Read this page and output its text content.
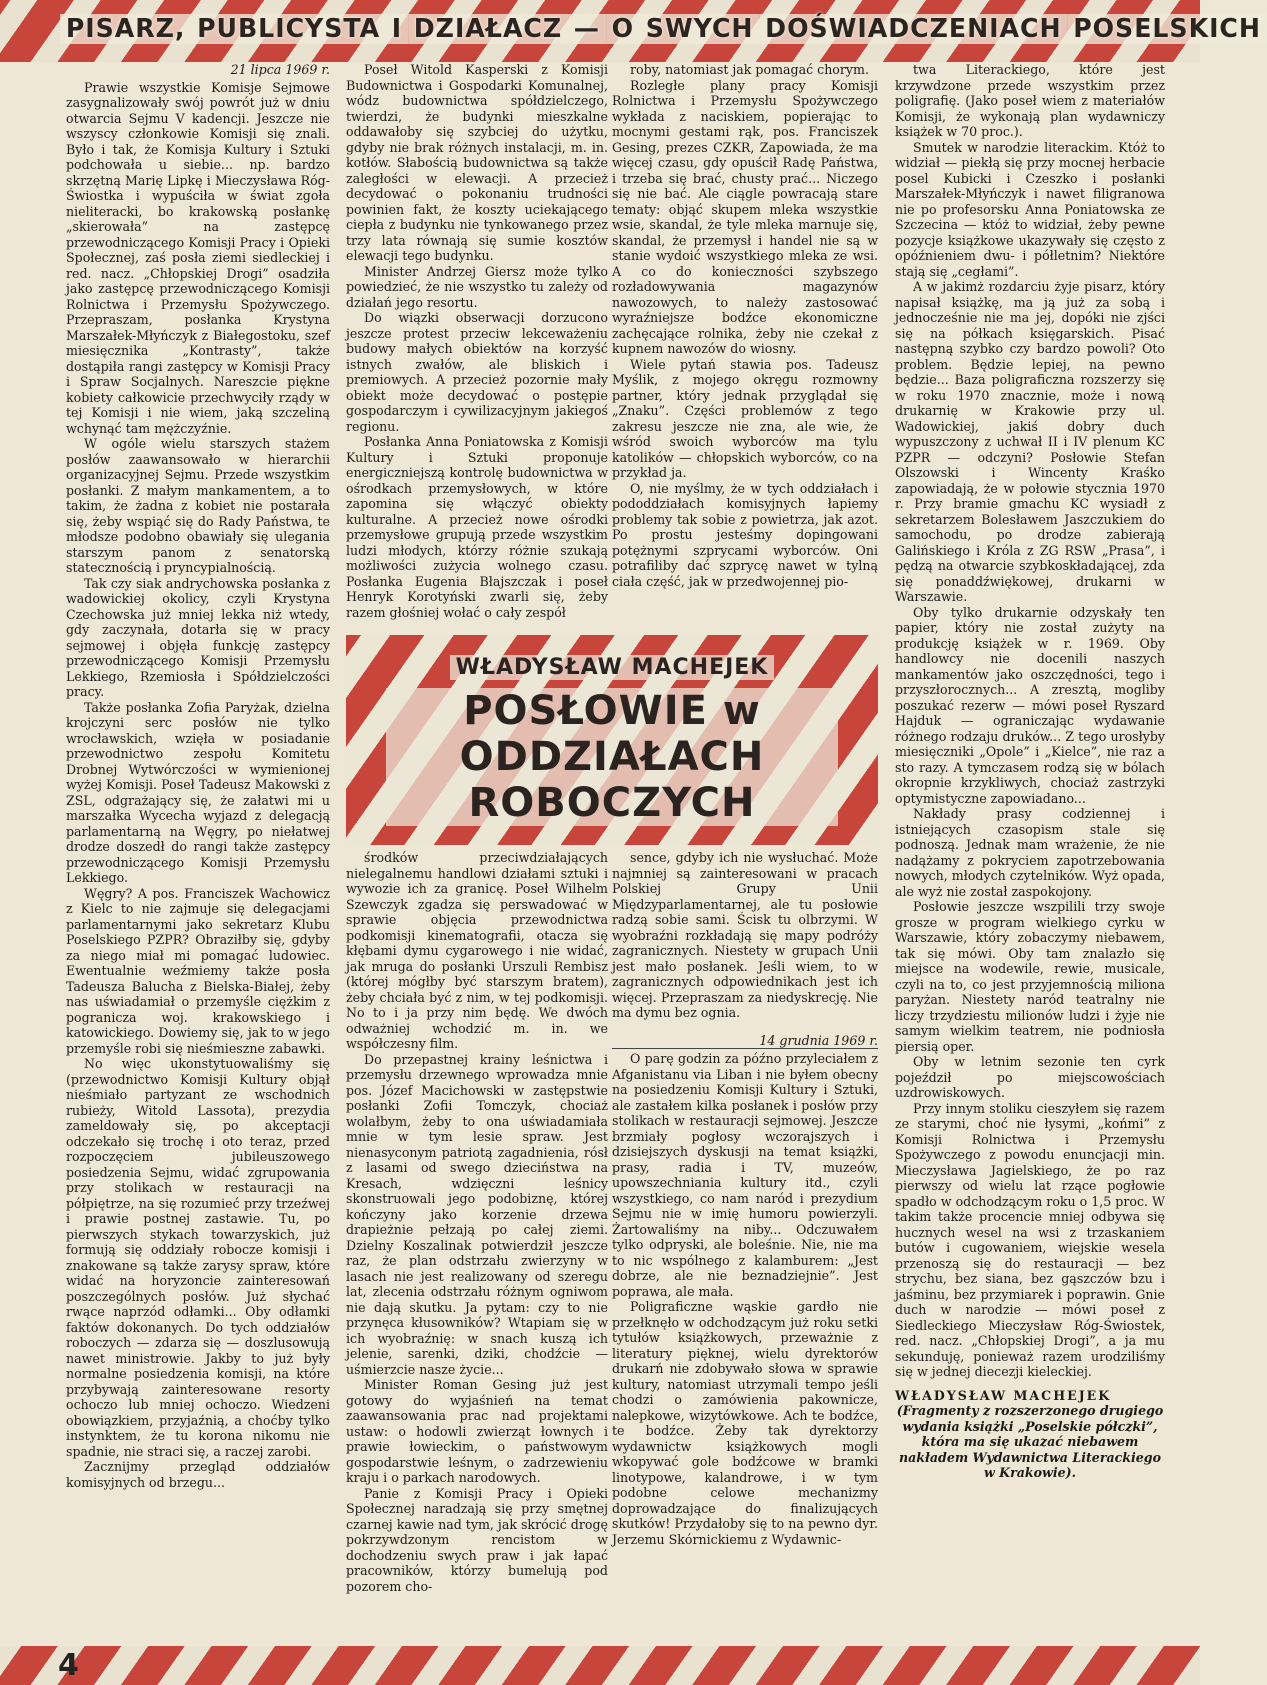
PISARZ, PUBLICYSTA I DZIAŁACZ — O SWYCH DOŚWIADCZENIACH POSELSKICH
21 lipca 1969 r.

Prawie wszystkie Komisje Sejmowe zasygnalizowały swój powrót już w dniu otwarcia Sejmu V kadencji. Jeszcze nie wszyscy członkowie Komisji się znali. Było i tak, że Komisja Kultury i Sztuki podchowała u siebie... np. bardzo skrzętną Marię Lipkę i Mieczysława Róg-Świostka i wypuściła w świat zgoła nieliteracki, bo krakowską posłankę „skierowała” na zastępcę przewodniczącego Komisji Pracy i Opieki Społecznej, zaś posła ziemi siedleckiej i red. nacz. „Chłopskiej Drogi” osadziła jako zastępcę przewodniczącego Komisji Rolnictwa i Przemysłu Spożywczego. Przepraszam, posłanka Krystyna Marszałek-Młyńczyk z Białegostoku, szef miesięcznika „Kontrasty”, także dostąpiła rangi zastępcy w Komisji Pracy i Spraw Socjalnych. Nareszcie piękne kobiety całkowicie przechwyciły rządy w tej Komisji i nie wiem, jaką szczeliną wchynąć tam mężczyźnie.

W ogóle wielu starszych stażem posłów zaawansowało w hierarchii organizacyjnej Sejmu. Przede wszystkim posłanki. Z małym mankamentem, a to takim, że żadna z kobiet nie postarała się, żeby wspiąć się do Rady Państwa, te młodsze podobno obawiały się ulegania starszym panom z senatorską statecznością i pryncypialnością.

Tak czy siak andrychowska posłanka z wadowickiej okolicy, czyli Krystyna Czechowska już mniej lekka niż wtedy, gdy zaczynała, dotarła się w pracy sejmowej i objęła funkcję zastępcy przewodniczącego Komisji Przemysłu Lekkiego, Rzemiosła i Spółdzielczości pracy.

Także posłanka Zofia Paryżak, dzielna krojczyni serc posłów nie tylko wrocławskich, wzięła w posiadanie przewodnictwo zespołu Komitetu Drobnej Wytwórczości w wymienionej wyżej Komisji. Poseł Tadeusz Makowski z ZSL, odgrażający się, że załatwi mi u marszałka Wycecha wyjazd z delegacją parlamentarną na Węgry, po niełatwej drodze doszedł do rangi także zastępcy przewodniczącego Komisji Przemysłu Lekkiego.

Węgry? A pos. Franciszek Wachowicz z Kielc to nie zajmuje się delegacjami parlamentarnymi jako sekretarz Klubu Poselskiego PZPR? Obraziłby się, gdyby za niego miał mi pomagać ludowiec. Ewentualnie weźmiemy także posła Tadeusza Balucha z Bielska-Białej, żeby nas uświadamiał o przemyśle ciężkim z pogranicza woj. krakowskiego i katowickiego. Dowiemy się, jak to w jego przemyśle robi się nieśmieszne zabawki.

No więc ukonstytuowaliśmy się (przewodnictwo Komisji Kultury objął nieśmiało partyzant ze wschodnich rubieży, Witold Lassota), prezydia zameldowały się, po akceptacji odczekało się trochę i oto teraz, przed rozpoczęciem jubileuszowego posiedzenia Sejmu, widać zgrupowania przy stolikach w restauracji na półpiętrze, na się rozumieć przy trzeźwej i prawie postnej zastawie. Tu, po pierwszych stykach towarzyskich, już formują się oddziały robocze komisji i znakowane są także zarysy spraw, które widać na horyzoncie zainteresowań poszczególnych posłów. Już słychać rwące naprzód odłamki... Oby odłamki faktów dokonanych. Do tych oddziałów roboczych — zdarza się — doszlusowują nawet ministrowie. Jakby to już były normalne posiedzenia komisji, na które przybywają zainteresowane resorty ochoczo lub mniej ochoczo. Wiedzeni obowiązkiem, przyjaźnią, a choćby tylko instynktem, że tu korona nikomu nie spadnie, nie straci się, a raczej zarobi.

Zacznijmy przegląd oddziałów komisyjnych od brzegu...

Poseł Witold Kasperski z Komisji Budownictwa i Gospodarki Komunalnej, wódz budownictwa spółdzielczego, twierdzi, że budynki mieszkalne oddawałoby się szybciej do użytku, gdyby nie brak różnych instalacji, m. in. kotłów. Słabością budownictwa są także zaległości w elewacji. A przecież decydować o pokonaniu trudności powinien fakt, że koszty uciekającego ciepła z budynku nie tynkowanego przez trzy lata równają się sumie kosztów elewacji tego budynku.

Minister Andrzej Giersz może tylko powiedzieć, że nie wszystko tu zależy od działań jego resortu.

Do wiązki obserwacji dorzucono jeszcze protest przeciw lekceważeniu budowy małych obiektów na korzyść istnych zwałów, ale bliskich i premiowych. A przecież pozornie mały obiekt może decydować o postępie gospodarczym i cywilizacyjnym jakiegoś regionu.

Posłanka Anna Poniatowska z Komisji Kultury i Sztuki proponuje energiczniejszą kontrolę budownictwa w ośrodkach przemysłowych, w które zapomina się włączyć obiekty kulturalne. A przecież nowe ośrodki przemysłowe grupują przede wszystkim ludzi młodych, którzy różnie szukają możliwości zużycia wolnego czasu. Posłanka Eugenia Błajszczak i poseł Henryk Korotyński zwarli się, żeby razem głośniej wołać o cały zespół

roby, natomiast jak pomagać chorym.

Rozległe plany pracy Komisji Rolnictwa i Przemysłu Spożywczego wykłada z naciskiem, popierając to mocnymi gestami rąk, pos. Franciszek Gesing, prezes CZKR, Zapowiada, że ma więcej czasu, gdy opuścił Radę Państwa, i trzeba się brać, chusty prać... Niczego się nie bać. Ale ciągle powracają stare tematy: objąć skupem mleka wszystkie wsie, skandal, że tyle mleka marnuje się, skandal, że przemysł i handel nie są w stanie wydoić wszystkiego mleka ze wsi. A co do konieczności szybszego rozładowywania magazynów nawozowych, to należy zastosować wyraźniejsze bodźce ekonomiczne zachęcające rolnika, żeby nie czekał z kupnem nawozów do wiosny.

Wiele pytań stawia pos. Tadeusz Myślik, z mojego okręgu rozmowny partner, który jednak przyglądał się „Znaku”. Części problemów z tego zakresu jeszcze nie zna, ale wie, że wśród swoich wyborców ma tylu katolików — chłopskich wyborców, co na przykład ja.

O, nie myślmy, że w tych oddziałach i pododdziałach komisyjnych łapiemy problemy tak sobie z powietrza, jak azot. Po prostu jesteśmy dopingowani potężnymi szprycami wyborców. Oni potrafiliby dać szprycę nawet w tylną ciała część, jak w przedwojennej pio-

WŁADYSŁAW MACHEJEK
POSŁOWIE w ODDZIAŁACH
ROBOCZYCH

środków przeciwdziałających nielegalnemu handlowi działami sztuki i wywozie ich za granicę. Poseł Wilhelm Szewczyk zgadza się perswadować w sprawie objęcia przewodnictwa podkomisji kinematografii, otacza się kłębami dymu cygarowego i nie widać, jak mruga do posłanki Urszuli Rembisz (której mógłby być starszym bratem), żeby chciała być z nim, w tej podkomisji. No to i ja przy nim będę. We dwóch odważniej wchodzić m. in. we współczesny film.

Do przepastnej krainy leśnictwa i przemysłu drzewnego wprowadza mnie pos. Józef Macichowski w zastępstwie posłanki Zofii Tomczyk, chociaż wolałbym, żeby to ona uświadamiała mnie w tym lesie spraw. Jest nienasyconym patriotą zagadnienia, rósł z lasami od swego dzieciństwa na Kresach, wdzięczni leśnicy skonstruowali jego podobiznę, której kończyny jako korzenie drzewa drapieżnie pełzają po całej ziemi. Dzielny Koszalinak potwierdził jeszcze raz, że plan odstrzału zwierzyny w lasach nie jest realizowany od szeregu lat, zlecenia odstrzału różnym ogniwom nie dają skutku. Ja pytam: czy to nie przynęca kłusowników? Wtapiam się w ich wyobraźnię: w snach kuszą ich jelenie, sarenki, dziki, chodźcie — uśmierzcie nasze życie...

Minister Roman Gesing już jest gotowy do wyjaśnień na temat zaawansowania prac nad projektami ustaw: o hodowli zwierząt łownych i prawie łowieckim, o państwowym gospodarstwie leśnym, o zadrzewieniu kraju i o parkach narodowych.

Panie z Komisji Pracy i Opieki Społecznej naradzają się przy smętnej czarnej kawie nad tym, jak skrócić drogę pokrzywdzonym rencistom w dochodzeniu swych praw i jak łapać pracowników, którzy bumelują pod pozorem cho-

sence, gdyby ich nie wysłuchać. Może najmniej są zainteresowani w pracach Polskiej Grupy Unii Międzyparlamentarnej, ale tu posłowie radzą sobie sami. Ścisk tu olbrzymi. W wyobraźni rozkładają się mapy podróży zagranicznych. Niestety w grupach Unii jest mało posłanek. Jeśli wiem, to w zagranicznych odpowiednikach jest ich więcej. Przepraszam za niedyskrecję. Nie ma dymu bez ognia.

14 grudnia 1969 r.

O parę godzin za późno przyleciałem z Afganistanu via Liban i nie byłem obecny na posiedzeniu Komisji Kultury i Sztuki, ale zastałem kilka posłanek i posłów przy stolikach w restauracji sejmowej. Jeszcze brzmiały pogłosy wczorajszych i dzisiejszych dyskusji na temat książki, prasy, radia i TV, muzeów, upowszechniania kultury itd., czyli wszystkiego, co nam naród i prezydium Sejmu nie w imię humoru powierzyli. Żartowaliśmy na niby... Odczuwałem tylko odpryski, ale boleśnie. Nie, nie ma to nic wspólnego z kalamburem: „Jest dobrze, ale nie beznadziejnie”. Jest poprawa, ale mała.

Poligraficzne wąskie gardło nie przełknęło w odchodzącym już roku setki tytułów książkowych, przeważnie z literatury pięknej, wielu dyrektorów drukarń nie zdobywało słowa w sprawie kultury, natomiast utrzymali tempo jeśli chodzi o zamówienia pakownicze, nalepkowe, wizytówkowe. Ach te bodźce, te bodźce. Żeby tak dyrektorzy wydawnictw książkowych mogli wkopywać gole bodźcowe w bramki linotypowe, kalandrowe, i w tym podobne celowe mechanizmy doprowadzające do finalizujących skutków! Przydałoby się to na pewno dyr. Jerzemu Skórnickiemu z Wydawnic-

twa Literackiego, które jest krzywdzone przede wszystkim przez poligrafię. (Jako poseł wiem z materiałów Komisji, że wykonają plan wydawniczy książek w 70 proc.).

Smutek w narodzie literackim. Któż to widział — piekłą się przy mocnej herbacie posel Kubicki i Czeszko i posłanki Marszałek-Młyńczyk i nawet filigranowa nie po profesorsku Anna Poniatowska ze Szczecina — któż to widział, żeby pewne pozycje książkowe ukazywały się często z opóźnieniem dwu- i półletnim? Niektóre stają się „cegłami”.

A w jakimż rozdarciu żyje pisarz, który napisał książkę, ma ją już za sobą i jednocześnie nie ma jej, dopóki nie zjści się na półkach księgarskich. Pisać następną szybko czy bardzo powoli? Oto problem. Będzie lepiej, na pewno będzie... Baza poligraficzna rozszerzy się w roku 1970 znacznie, może i nową drukarnię w Krakowie przy ul. Wadowickiej, jakiś dobry duch wypuszczony z uchwał II i IV plenum KC PZPR — odczyni? Posłowie Stefan Olszowski i Wincenty Kraśko zapowiadają, że w połowie stycznia 1970 r. Przy bramie gmachu KC wysiadł z sekretarzem Bolesławem Jaszczukiem do samochodu, po drodze zabierają Galińskiego i Króla z ZG RSW „Prasa”, i pędzą na otwarcie szybkoskładającej, zda się ponaddźwiękowej, drukarni w Warszawie.

Oby tylko drukarnie odzyskały ten papier, który nie został zużyty na produkcję książek w r. 1969. Oby handlowcy nie docenili naszych mankamentów jako oszczędności, tego i przyszłorocznych... A zresztą, mogliby poszukać rezerw — mówi poseł Ryszard Hajduk — ograniczając wydawanie różnego rodzaju druków... Z tego urosłyby miesięczniki „Opole” i „Kielce”, nie raz a sto razy. A tymczasem rodzą się w bólach okropnie krzykliwych, chociaż zastrzyki optymistyczne zapowiadano...

Nakłady prasy codziennej i istniejących czasopism stale się podnoszą. Jednak mam wrażenie, że nie nadążamy z pokryciem zapotrzebowania nowych, młodych czytelników. Wyż opada, ale wyż nie został zaspokojony.

Posłowie jeszcze wszpilili trzy swoje grosze w program wielkiego cyrku w Warszawie, który zobaczymy niebawem, tak się mówi. Oby tam znalazło się miejsce na wodewile, rewie, musicale, czyli na to, co jest przyjemnością miliona paryżan. Niestety naród teatralny nie liczy trzydziestu milionów ludzi i żyje nie samym wielkim teatrem, nie podniosła piersią oper.

Oby w letnim sezonie ten cyrk pojeździł po miejscowościach uzdrowiskowych.

Przy innym stoliku cieszyłem się razem ze starymi, choć nie łysymi, „końmi” z Komisji Rolnictwa i Przemysłu Spożywczego z powodu enuncjacji min. Mieczysława Jagielskiego, że po raz pierwszy od wielu lat rzące pogłowie spadło w odchodzącym roku o 1,5 proc. W takim także procencie mniej odbywa się hucznych wesel na wsi z trzaskaniem butów i cugowaniem, wiejskie wesela przenoszą się do restauracji — bez strychu, bez siana, bez gąszczów bzu i jaśminu, bez przymiarek i poprawin. Gnie duch w narodzie — mówi poseł z Siedleckiego Mieczysław Róg-Świostek, red. nacz. „Chłopskiej Drogi”, a ja mu sekunduję, ponieważ razem urodziliśmy się w jednej diecezji kieleckiej.

WŁADYSŁAW MACHEJEK

(Fragmenty z rozszerzonego drugiego wydania książki „Poselskie półczki”, która ma się ukazać niebawem nakładem Wydawnictwa Literackiego w Krakowie).

4
